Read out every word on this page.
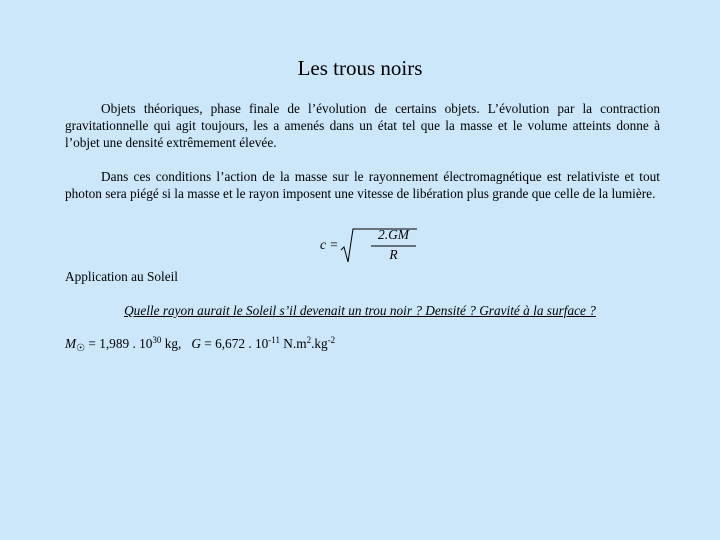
Les trous noirs
Objets théoriques, phase finale de l’évolution de certains objets. L’évolution par la contraction gravitationnelle qui agit toujours, les a amenés dans un état tel que la masse et le volume atteints donne à l’objet une densité extrêmement élevée.
Dans ces conditions l’action de la masse sur le rayonnement électromagnétique est relativiste et tout photon sera piégé si la masse et le rayon imposent une vitesse de libération plus grande que celle de la lumière.
c =
2.GM
R
Application au Soleil
Quelle rayon aurait le Soleil s’il devenait un trou noir ? Densité ? Gravité à la surface ?
$M_☉ = 1,989$ . $10^{30}$ kg, G = 6,672 . $10^{-11}$ $N.m^2.kg^{-2}$
